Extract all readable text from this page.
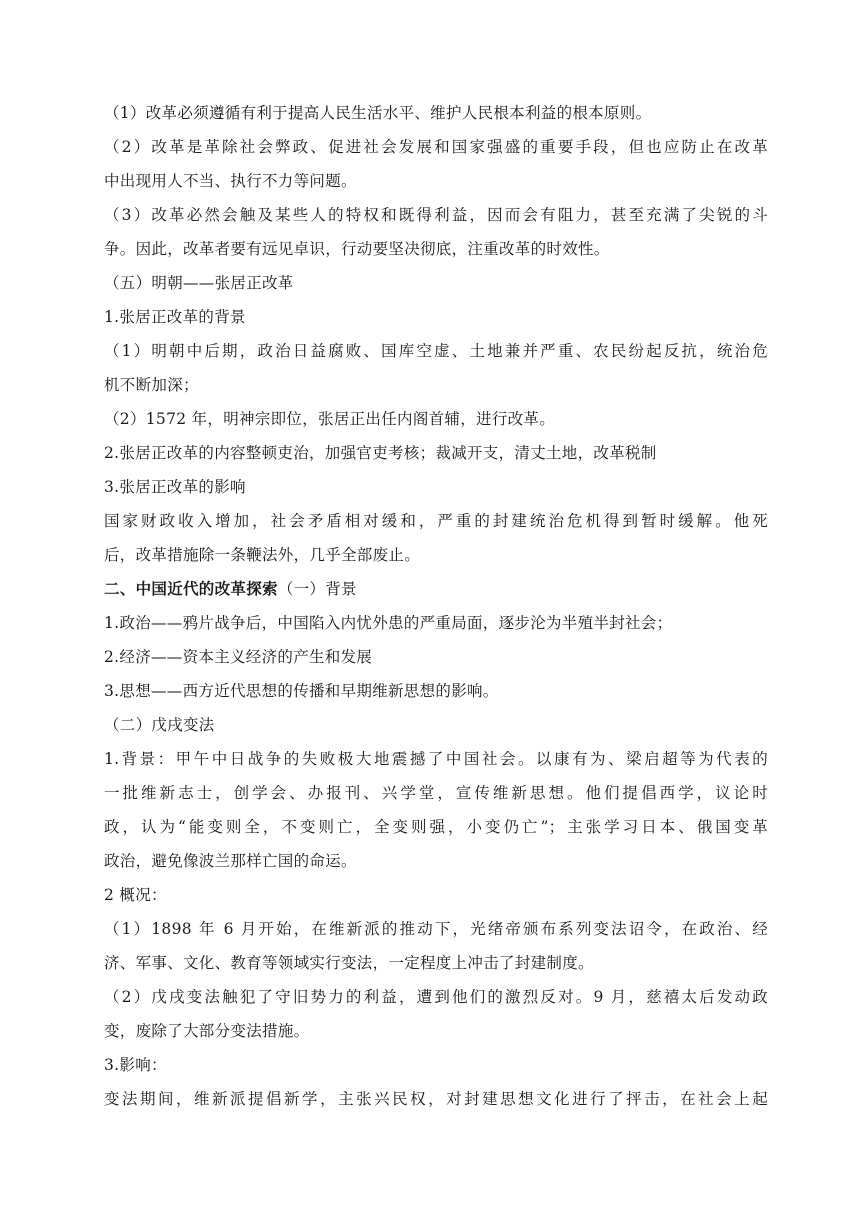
（1）改革必须遵循有利于提高人民生活水平、维护人民根本利益的根本原则。
（2）改革是革除社会弊政、促进社会发展和国家强盛的重要手段，但也应防止在改革
中出现用人不当、执行不力等问题。
（3）改革必然会触及某些人的特权和既得利益，因而会有阻力，甚至充满了尖锐的斗
争。因此，改革者要有远见卓识，行动要坚决彻底，注重改革的时效性。
（五）明朝——张居正改革
1.张居正改革的背景
（1）明朝中后期，政治日益腐败、国库空虚、土地兼并严重、农民纷起反抗，统治危
机不断加深；
（2）1572 年，明神宗即位，张居正出任内阁首辅，进行改革。
2.张居正改革的内容整顿吏治，加强官吏考核；裁减开支，清丈土地，改革税制
3.张居正改革的影响
国家财政收入增加，社会矛盾相对缓和，严重的封建统治危机得到暂时缓解。他死
后，改革措施除一条鞭法外，几乎全部废止。
二、中国近代的改革探索（一）背景
1.政治——鸦片战争后，中国陷入内忧外患的严重局面，逐步沦为半殖半封社会；
2.经济——资本主义经济的产生和发展
3.思想——西方近代思想的传播和早期维新思想的影响。
（二）戊戌变法
1.背景：甲午中日战争的失败极大地震撼了中国社会。以康有为、梁启超等为代表的
一批维新志士，创学会、办报刊、兴学堂，宣传维新思想。他们提倡西学，议论时
政，认为“能变则全，不变则亡，全变则强，小变仍亡”；主张学习日本、俄国变革
政治，避免像波兰那样亡国的命运。
2 概况：
（1）1898 年 6 月开始，在维新派的推动下，光绪帝颁布系列变法诏令，在政治、经
济、军事、文化、教育等领域实行变法，一定程度上冲击了封建制度。
（2）戊戌变法触犯了守旧势力的利益，遭到他们的激烈反对。9 月，慈禧太后发动政
变，废除了大部分变法措施。
3.影响：
变法期间，维新派提倡新学，主张兴民权，对封建思想文化进行了抨击，在社会上起
